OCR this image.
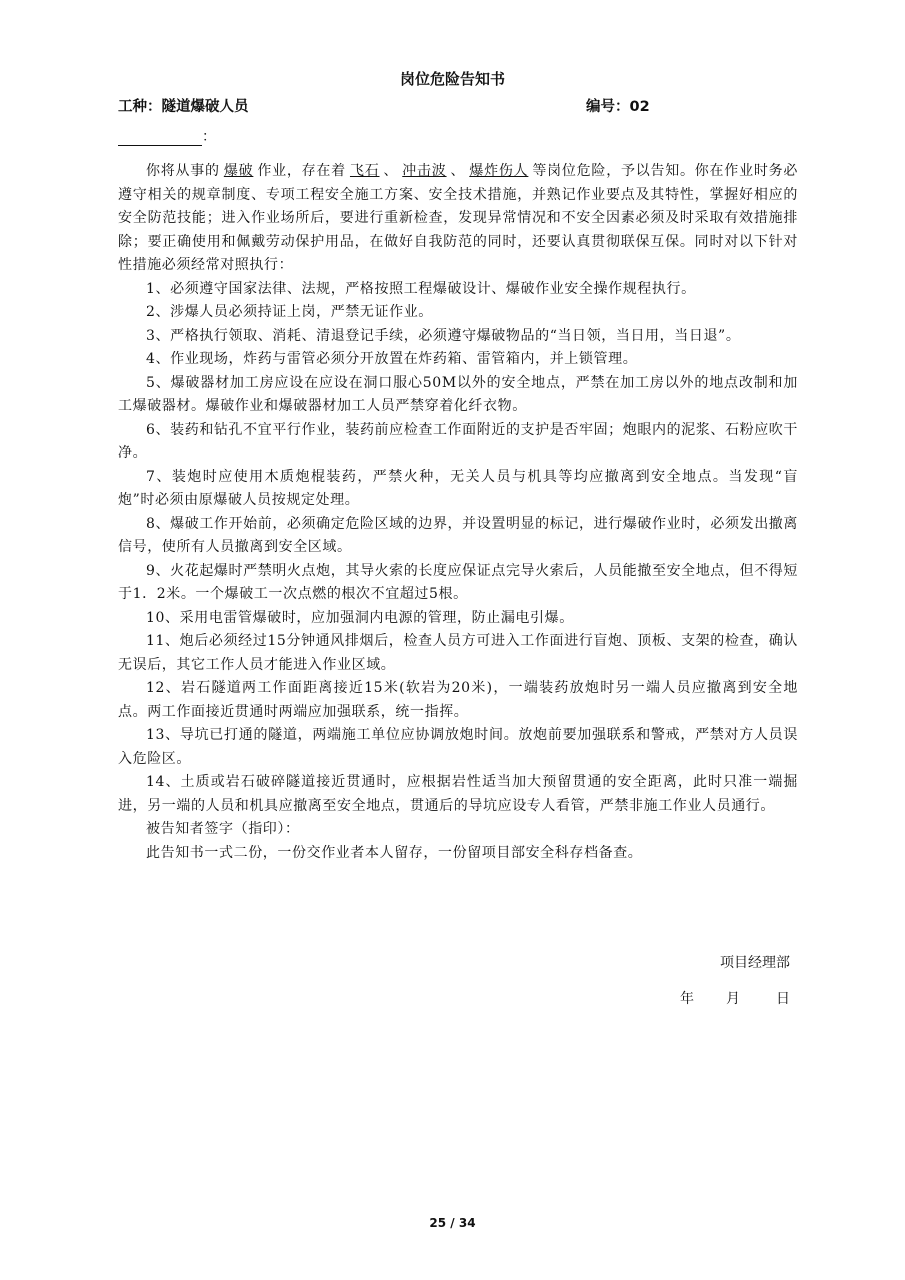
岗位危险告知书
工种：隧道爆破人员	编号：02
：

你将从事的 爆破 作业，存在着 飞石 、 冲击波 、 爆炸伤人 等岗位危险，予以告知。你在作业时务必遵守相关的规章制度、专项工程安全施工方案、安全技术措施，并熟记作业要点及其特性，掌握好相应的安全防范技能；进入作业场所后，要进行重新检查，发现异常情况和不安全因素必须及时采取有效措施排除；要正确使用和佩戴劳动保护用品，在做好自我防范的同时，还要认真贯彻联保互保。同时对以下针对性措施必须经常对照执行：

1、必须遵守国家法律、法规，严格按照工程爆破设计、爆破作业安全操作规程执行。

2、涉爆人员必须持证上岗，严禁无证作业。

3、严格执行领取、消耗、清退登记手续，必须遵守爆破物品的“当日领，当日用，当日退”。

4、作业现场，炸药与雷管必须分开放置在炸药箱、雷管箱内，并上锁管理。

5、爆破器材加工房应设在应设在洞口服心50M以外的安全地点，严禁在加工房以外的地点改制和加工爆破器材。爆破作业和爆破器材加工人员严禁穿着化纤衣物。

6、装药和钻孔不宜平行作业，装药前应检查工作面附近的支护是否牢固；炮眼内的泥浆、石粉应吹干净。

7、装炮时应使用木质炮棍装药，严禁火种，无关人员与机具等均应撤离到安全地点。当发现“盲炮”时必须由原爆破人员按规定处理。

8、爆破工作开始前，必须确定危险区域的边界，并设置明显的标记，进行爆破作业时，必须发出撤离信号，使所有人员撤离到安全区域。

9、火花起爆时严禁明火点炮，其导火索的长度应保证点完导火索后，人员能撤至安全地点，但不得短于1．2米。一个爆破工一次点燃的根次不宜超过5根。

10、采用电雷管爆破时，应加强洞内电源的管理，防止漏电引爆。

11、炮后必须经过15分钟通风排烟后，检查人员方可进入工作面进行盲炮、顶板、支架的检查，确认无误后，其它工作人员才能进入作业区域。

12、岩石隧道两工作面距离接近15米(软岩为20米)，一端装药放炮时另一端人员应撤离到安全地点。两工作面接近贯通时两端应加强联系，统一指挥。

13、导坑已打通的隧道，两端施工单位应协调放炮时间。放炮前要加强联系和警戒，严禁对方人员误入危险区。

14、土质或岩石破碎隧道接近贯通时，应根据岩性适当加大预留贯通的安全距离，此时只准一端掘进，另一端的人员和机具应撤离至安全地点，贯通后的导坑应设专人看管，严禁非施工作业人员通行。

被告知者签字（指印）：

此告知书一式二份，一份交作业者本人留存，一份留项目部安全科存档备查。

项目经理部
年 月	日
25 / 34
